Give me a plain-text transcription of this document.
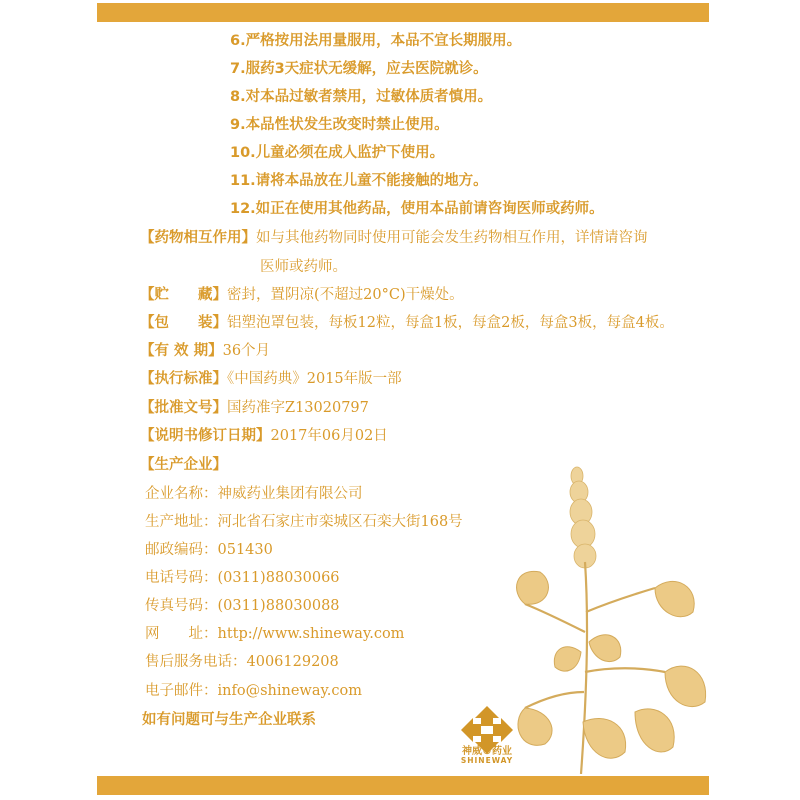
6.严格按用法用量服用，本品不宜长期服用。
7.服药3天症状无缓解，应去医院就诊。
8.对本品过敏者禁用，过敏体质者慎用。
9.本品性状发生改变时禁止使用。
10.儿童必须在成人监护下使用。
11.请将本品放在儿童不能接触的地方。
12.如正在使用其他药品，使用本品前请咨询医师或药师。
【药物相互作用】如与其他药物同时使用可能会发生药物相互作用，详情请咨询
医师或药师。
【贮　　藏】密封，置阴凉(不超过20°C)干燥处。
【包　　装】铝塑泡罩包装，每板12粒，每盒1板，每盒2板，每盒3板，每盒4板。
【有 效 期】36个月
【执行标准】《中国药典》2015年版一部
【批准文号】国药准字Z13020797
【说明书修订日期】2017年06月02日
【生产企业】
企业名称：神威药业集团有限公司
生产地址：河北省石家庄市栾城区石栾大街168号
邮政编码：051430
电话号码：(0311)88030066
传真号码：(0311)88030088
网　　址：http://www.shineway.com
售后服务电话：4006129208
电子邮件：info@shineway.com
如有问题可与生产企业联系
神威®药业
SHINEWAY
